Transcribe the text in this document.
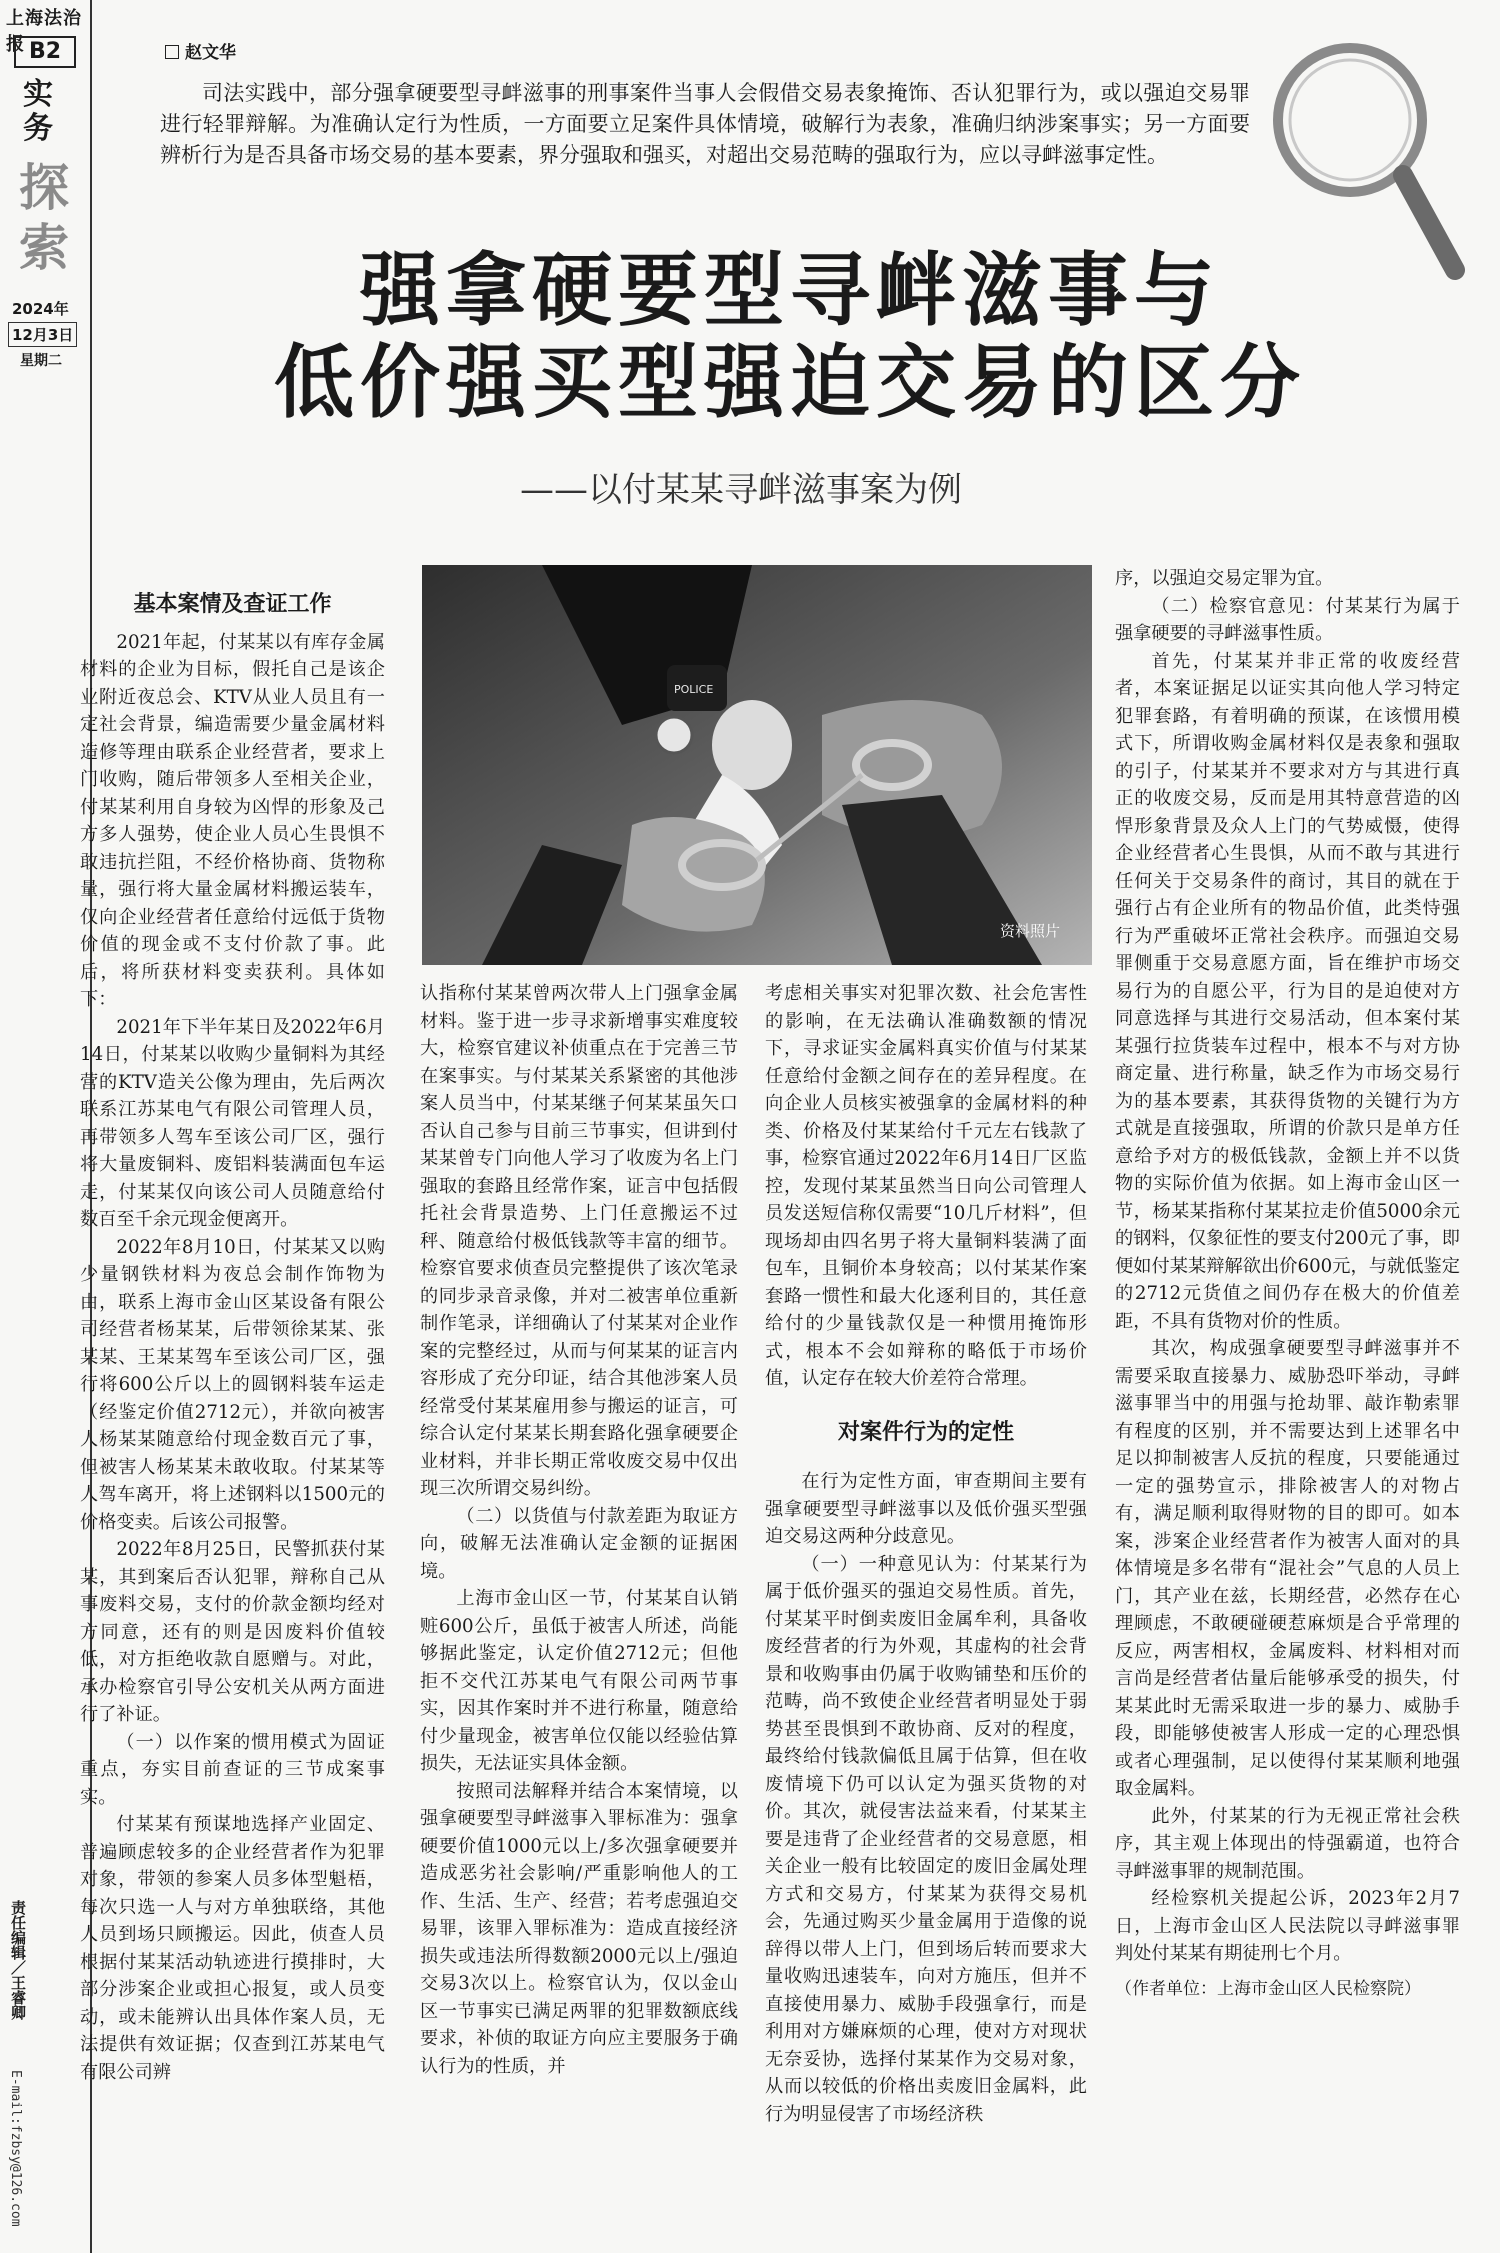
上海法治报 B2
实务
探索
2024年
12月3日
星期二
责任编辑／王睿卿
E-mail:fzbsy@126.com
赵文华
司法实践中，部分强拿硬要型寻衅滋事的刑事案件当事人会假借交易表象掩饰、否认犯罪行为，或以强迫交易罪进行轻罪辩解。为准确认定行为性质，一方面要立足案件具体情境，破解行为表象，准确归纳涉案事实；另一方面要辨析行为是否具备市场交易的基本要素，界分强取和强买，对超出交易范畴的强取行为，应以寻衅滋事定性。
强拿硬要型寻衅滋事与
低价强买型强迫交易的区分
——以付某某寻衅滋事案为例
POLICE
资料照片
基本案情及查证工作

2021年起，付某某以有库存金属材料的企业为目标，假托自己是该企业附近夜总会、KTV从业人员且有一定社会背景，编造需要少量金属材料造修等理由联系企业经营者，要求上门收购，随后带领多人至相关企业，付某某利用自身较为凶悍的形象及己方多人强势，使企业人员心生畏惧不敢违抗拦阻，不经价格协商、货物称量，强行将大量金属材料搬运装车，仅向企业经营者任意给付远低于货物价值的现金或不支付价款了事。此后，将所获材料变卖获利。具体如下：

2021年下半年某日及2022年6月14日，付某某以收购少量铜料为其经营的KTV造关公像为理由，先后两次联系江苏某电气有限公司管理人员，再带领多人驾车至该公司厂区，强行将大量废铜料、废铝料装满面包车运走，付某某仅向该公司人员随意给付数百至千余元现金便离开。

2022年8月10日，付某某又以购少量钢铁材料为夜总会制作饰物为由，联系上海市金山区某设备有限公司经营者杨某某，后带领徐某某、张某某、王某某驾车至该公司厂区，强行将600公斤以上的圆钢料装车运走（经鉴定价值2712元），并欲向被害人杨某某随意给付现金数百元了事，但被害人杨某某未敢收取。付某某等人驾车离开，将上述钢料以1500元的价格变卖。后该公司报警。

2022年8月25日，民警抓获付某某，其到案后否认犯罪，辩称自己从事废料交易，支付的价款金额均经对方同意，还有的则是因废料价值较低，对方拒绝收款自愿赠与。对此，承办检察官引导公安机关从两方面进行了补证。

（一）以作案的惯用模式为固证重点，夯实目前查证的三节成案事实。

付某某有预谋地选择产业固定、普遍顾虑较多的企业经营者作为犯罪对象，带领的参案人员多体型魁梧，每次只选一人与对方单独联络，其他人员到场只顾搬运。因此，侦查人员根据付某某活动轨迹进行摸排时，大部分涉案企业或担心报复，或人员变动，或未能辨认出具体作案人员，无法提供有效证据；仅查到江苏某电气有限公司辨

认指称付某某曾两次带人上门强拿金属材料。鉴于进一步寻求新增事实难度较大，检察官建议补侦重点在于完善三节在案事实。与付某某关系紧密的其他涉案人员当中，付某某继子何某某虽矢口否认自己参与目前三节事实，但讲到付某某曾专门向他人学习了收废为名上门强取的套路且经常作案，证言中包括假托社会背景造势、上门任意搬运不过秤、随意给付极低钱款等丰富的细节。检察官要求侦查员完整提供了该次笔录的同步录音录像，并对二被害单位重新制作笔录，详细确认了付某某对企业作案的完整经过，从而与何某某的证言内容形成了充分印证，结合其他涉案人员经常受付某某雇用参与搬运的证言，可综合认定付某某长期套路化强拿硬要企业材料，并非长期正常收废交易中仅出现三次所谓交易纠纷。

（二）以货值与付款差距为取证方向，破解无法准确认定金额的证据困境。

上海市金山区一节，付某某自认销赃600公斤，虽低于被害人所述，尚能够据此鉴定，认定价值2712元；但他拒不交代江苏某电气有限公司两节事实，因其作案时并不进行称量，随意给付少量现金，被害单位仅能以经验估算损失，无法证实具体金额。

按照司法解释并结合本案情境，以强拿硬要型寻衅滋事入罪标准为：强拿硬要价值1000元以上/多次强拿硬要并造成恶劣社会影响/严重影响他人的工作、生活、生产、经营；若考虑强迫交易罪，该罪入罪标准为：造成直接经济损失或违法所得数额2000元以上/强迫交易3次以上。检察官认为，仅以金山区一节事实已满足两罪的犯罪数额底线要求，补侦的取证方向应主要服务于确认行为的性质，并

考虑相关事实对犯罪次数、社会危害性的影响，在无法确认准确数额的情况下，寻求证实金属料真实价值与付某某任意给付金额之间存在的差异程度。在向企业人员核实被强拿的金属材料的种类、价格及付某某给付千元左右钱款了事，检察官通过2022年6月14日厂区监控，发现付某某虽然当日向公司管理人员发送短信称仅需要“10几斤材料”，但现场却由四名男子将大量铜料装满了面包车，且铜价本身较高；以付某某作案套路一惯性和最大化逐利目的，其任意给付的少量钱款仅是一种惯用掩饰形式，根本不会如辩称的略低于市场价值，认定存在较大价差符合常理。

对案件行为的定性

在行为定性方面，审查期间主要有强拿硬要型寻衅滋事以及低价强买型强迫交易这两种分歧意见。

（一）一种意见认为：付某某行为属于低价强买的强迫交易性质。首先，付某某平时倒卖废旧金属牟利，具备收废经营者的行为外观，其虚构的社会背景和收购事由仍属于收购铺垫和压价的范畴，尚不致使企业经营者明显处于弱势甚至畏惧到不敢协商、反对的程度，最终给付钱款偏低且属于估算，但在收废情境下仍可以认定为强买货物的对价。其次，就侵害法益来看，付某某主要是违背了企业经营者的交易意愿，相关企业一般有比较固定的废旧金属处理方式和交易方，付某某为获得交易机会，先通过购买少量金属用于造像的说辞得以带人上门，但到场后转而要求大量收购迅速装车，向对方施压，但并不直接使用暴力、威胁手段强拿行，而是利用对方嫌麻烦的心理，使对方对现状无奈妥协，选择付某某作为交易对象，从而以较低的价格出卖废旧金属料，此行为明显侵害了市场经济秩

序，以强迫交易定罪为宜。

（二）检察官意见：付某某行为属于强拿硬要的寻衅滋事性质。

首先，付某某并非正常的收废经营者，本案证据足以证实其向他人学习特定犯罪套路，有着明确的预谋，在该惯用模式下，所谓收购金属材料仅是表象和强取的引子，付某某并不要求对方与其进行真正的收废交易，反而是用其特意营造的凶悍形象背景及众人上门的气势威慑，使得企业经营者心生畏惧，从而不敢与其进行任何关于交易条件的商讨，其目的就在于强行占有企业所有的物品价值，此类恃强行为严重破坏正常社会秩序。而强迫交易罪侧重于交易意愿方面，旨在维护市场交易行为的自愿公平，行为目的是迫使对方同意选择与其进行交易活动，但本案付某某强行拉货装车过程中，根本不与对方协商定量、进行称量，缺乏作为市场交易行为的基本要素，其获得货物的关键行为方式就是直接强取，所谓的价款只是单方任意给予对方的极低钱款，金额上并不以货物的实际价值为依据。如上海市金山区一节，杨某某指称付某某拉走价值5000余元的钢料，仅象征性的要支付200元了事，即便如付某某辩解欲出价600元，与就低鉴定的2712元货值之间仍存在极大的价值差距，不具有货物对价的性质。

其次，构成强拿硬要型寻衅滋事并不需要采取直接暴力、威胁恐吓举动，寻衅滋事罪当中的用强与抢劫罪、敲诈勒索罪有程度的区别，并不需要达到上述罪名中足以抑制被害人反抗的程度，只要能通过一定的强势宣示，排除被害人的对物占有，满足顺利取得财物的目的即可。如本案，涉案企业经营者作为被害人面对的具体情境是多名带有“混社会”气息的人员上门，其产业在兹，长期经营，必然存在心理顾虑，不敢硬碰硬惹麻烦是合乎常理的反应，两害相权，金属废料、材料相对而言尚是经营者估量后能够承受的损失，付某某此时无需采取进一步的暴力、威胁手段，即能够使被害人形成一定的心理恐惧或者心理强制，足以使得付某某顺利地强取金属料。

此外，付某某的行为无视正常社会秩序，其主观上体现出的恃强霸道，也符合寻衅滋事罪的规制范围。

经检察机关提起公诉，2023年2月7日，上海市金山区人民法院以寻衅滋事罪判处付某某有期徒刑七个月。

（作者单位：上海市金山区人民检察院）
